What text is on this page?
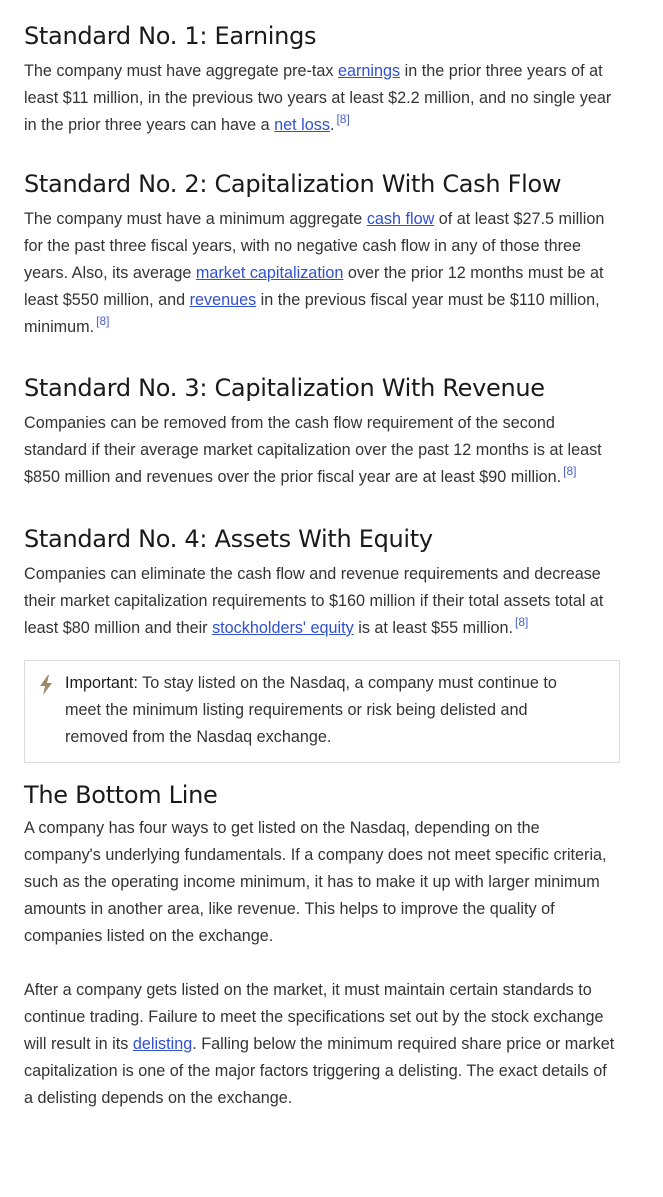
Standard No. 1: Earnings

The company must have aggregate pre-tax earnings in the prior three years of at least $11 million, in the previous two years at least $2.2 million, and no single year in the prior three years can have a net loss. [8]

Standard No. 2: Capitalization With Cash Flow

The company must have a minimum aggregate cash flow of at least $27.5 million for the past three fiscal years, with no negative cash flow in any of those three years. Also, its average market capitalization over the prior 12 months must be at least $550 million, and revenues in the previous fiscal year must be $110 million, minimum. [8]

Standard No. 3: Capitalization With Revenue

Companies can be removed from the cash flow requirement of the second standard if their average market capitalization over the past 12 months is at least $850 million and revenues over the prior fiscal year are at least $90 million. [8]

Standard No. 4: Assets With Equity

Companies can eliminate the cash flow and revenue requirements and decrease their market capitalization requirements to $160 million if their total assets total at least $80 million and their stockholders' equity is at least $55 million. [8]

Important: To stay listed on the Nasdaq, a company must continue to meet the minimum listing requirements or risk being delisted and removed from the Nasdaq exchange.

The Bottom Line

A company has four ways to get listed on the Nasdaq, depending on the company's underlying fundamentals. If a company does not meet specific criteria, such as the operating income minimum, it has to make it up with larger minimum amounts in another area, like revenue. This helps to improve the quality of companies listed on the exchange.

After a company gets listed on the market, it must maintain certain standards to continue trading. Failure to meet the specifications set out by the stock exchange will result in its delisting. Falling below the minimum required share price or market capitalization is one of the major factors triggering a delisting. The exact details of a delisting depends on the exchange.
